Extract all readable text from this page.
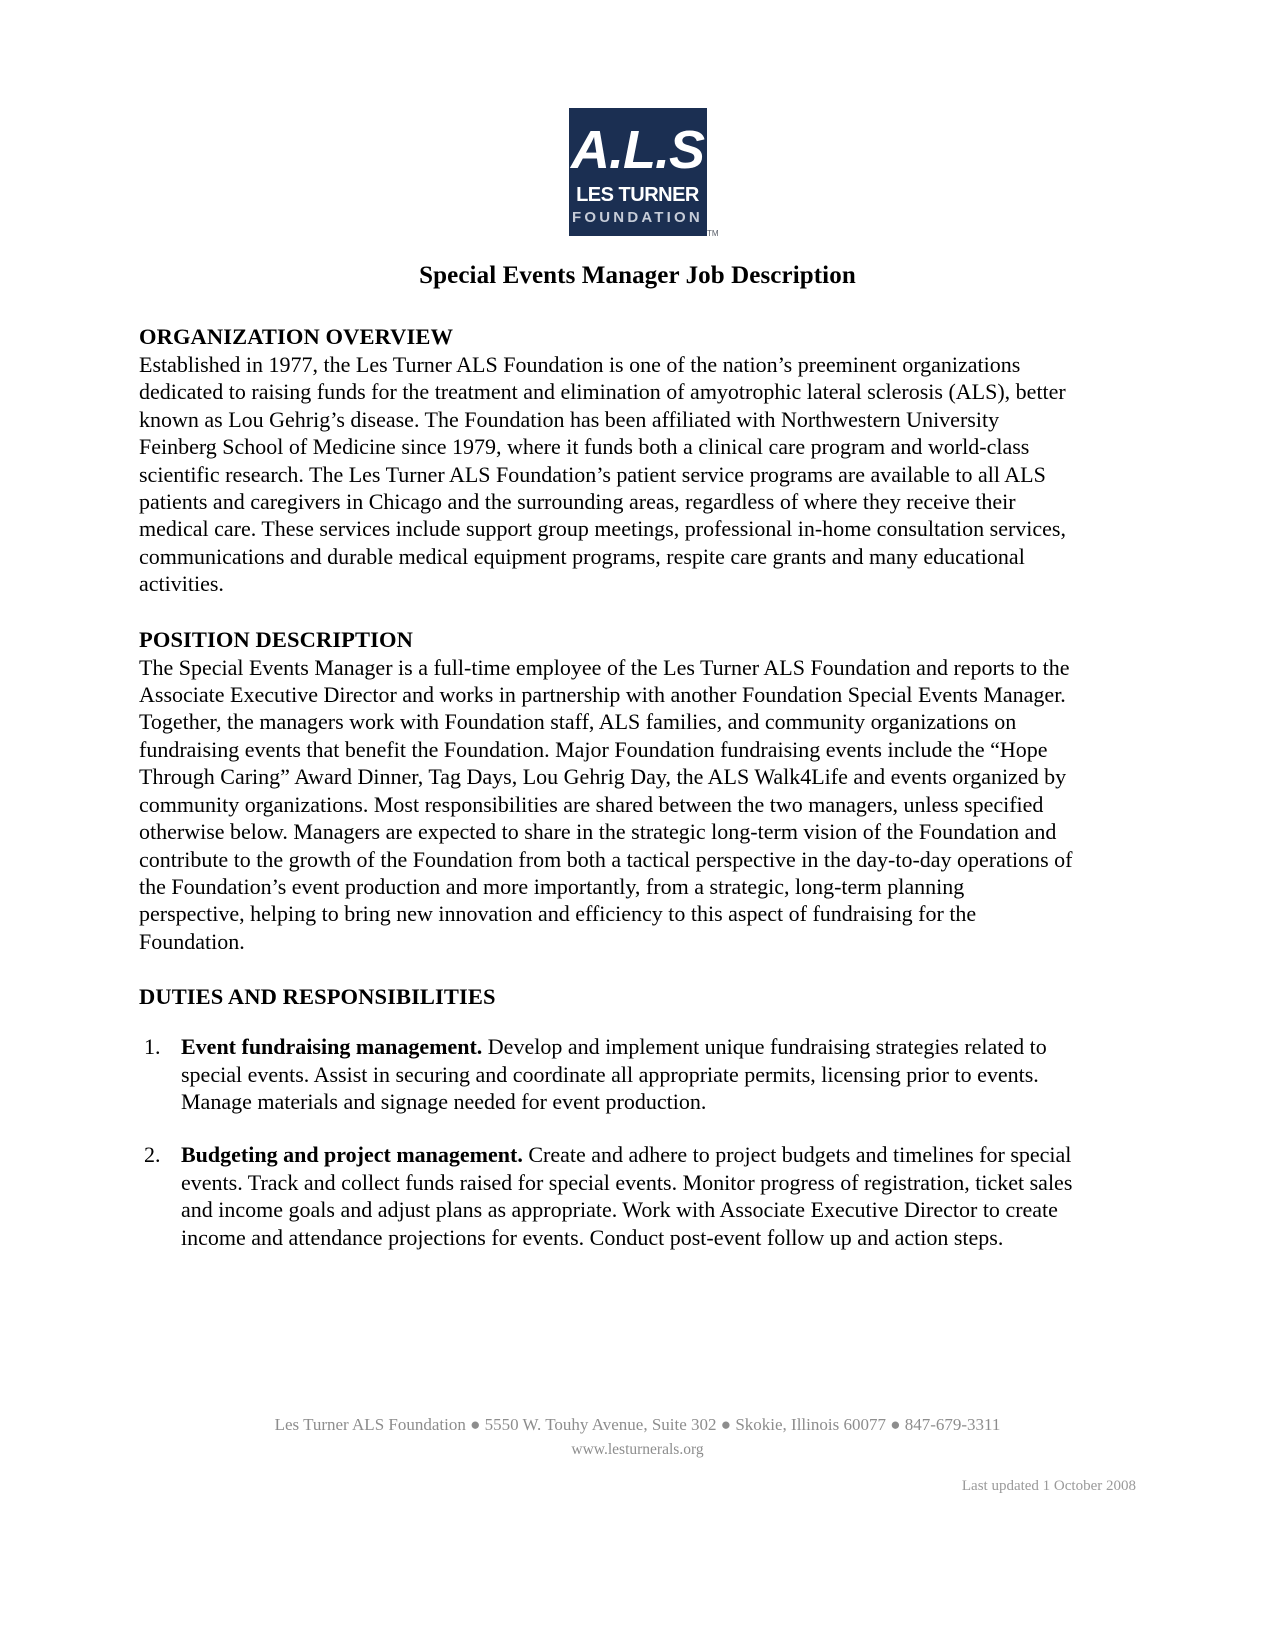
A.L.S
LES TURNER
FOUNDATION
TM
Special Events Manager Job Description

ORGANIZATION OVERVIEW

Established in 1977, the Les Turner ALS Foundation is one of the nation’s preeminent organizations dedicated to raising funds for the treatment and elimination of amyotrophic lateral sclerosis (ALS), better known as Lou Gehrig’s disease. The Foundation has been affiliated with Northwestern University Feinberg School of Medicine since 1979, where it funds both a clinical care program and world-class scientific research. The Les Turner ALS Foundation’s patient service programs are available to all ALS patients and caregivers in Chicago and the surrounding areas, regardless of where they receive their medical care. These services include support group meetings, professional in-home consultation services, communications and durable medical equipment programs, respite care grants and many educational activities.

POSITION DESCRIPTION

The Special Events Manager is a full-time employee of the Les Turner ALS Foundation and reports to the Associate Executive Director and works in partnership with another Foundation Special Events Manager. Together, the managers work with Foundation staff, ALS families, and community organizations on fundraising events that benefit the Foundation. Major Foundation fundraising events include the “Hope Through Caring” Award Dinner, Tag Days, Lou Gehrig Day, the ALS Walk4Life and events organized by community organizations. Most responsibilities are shared between the two managers, unless specified otherwise below. Managers are expected to share in the strategic long-term vision of the Foundation and contribute to the growth of the Foundation from both a tactical perspective in the day-to-day operations of the Foundation’s event production and more importantly, from a strategic, long-term planning perspective, helping to bring new innovation and efficiency to this aspect of fundraising for the Foundation.

DUTIES AND RESPONSIBILITIES

1. Event fundraising management. Develop and implement unique fundraising strategies related to special events. Assist in securing and coordinate all appropriate permits, licensing prior to events. Manage materials and signage needed for event production.
2. Budgeting and project management. Create and adhere to project budgets and timelines for special events. Track and collect funds raised for special events. Monitor progress of registration, ticket sales and income goals and adjust plans as appropriate. Work with Associate Executive Director to create income and attendance projections for events. Conduct post-event follow up and action steps.
Les Turner ALS Foundation ● 5550 W. Touhy Avenue, Suite 302 ● Skokie, Illinois 60077 ● 847-679-3311
www.lesturnerals.org
Last updated 1 October 2008
